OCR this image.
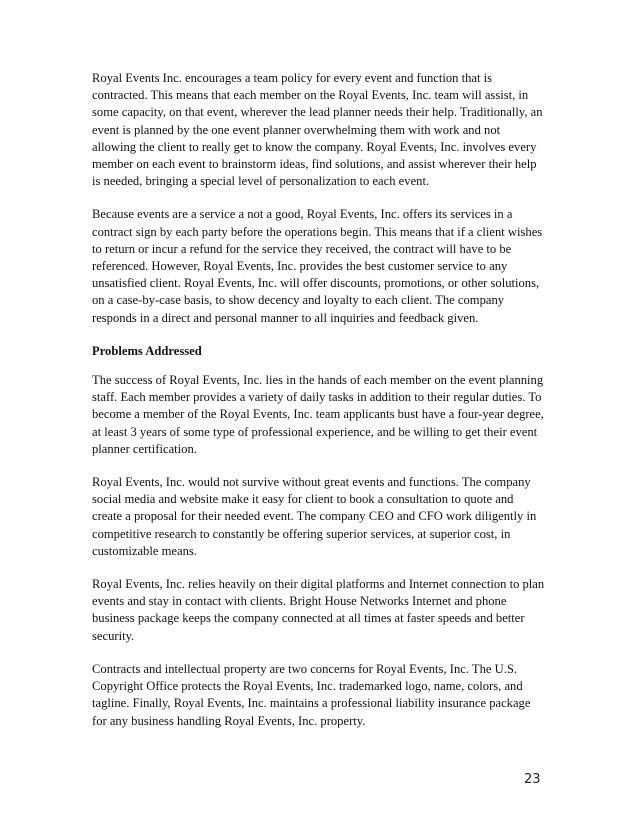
Royal Events Inc. encourages a team policy for every event and function that is
contracted. This means that each member on the Royal Events, Inc. team will assist, in
some capacity, on that event, wherever the lead planner needs their help. Traditionally, an
event is planned by the one event planner overwhelming them with work and not
allowing the client to really get to know the company. Royal Events, Inc. involves every
member on each event to brainstorm ideas, find solutions, and assist wherever their help
is needed, bringing a special level of personalization to each event.

Because events are a service a not a good, Royal Events, Inc. offers its services in a
contract sign by each party before the operations begin. This means that if a client wishes
to return or incur a refund for the service they received, the contract will have to be
referenced. However, Royal Events, Inc. provides the best customer service to any
unsatisfied client. Royal Events, Inc. will offer discounts, promotions, or other solutions,
on a case-by-case basis, to show decency and loyalty to each client. The company
responds in a direct and personal manner to all inquiries and feedback given.

Problems Addressed

The success of Royal Events, Inc. lies in the hands of each member on the event planning
staff. Each member provides a variety of daily tasks in addition to their regular duties. To
become a member of the Royal Events, Inc. team applicants bust have a four-year degree,
at least 3 years of some type of professional experience, and be willing to get their event
planner certification.

Royal Events, Inc. would not survive without great events and functions. The company
social media and website make it easy for client to book a consultation to quote and
create a proposal for their needed event. The company CEO and CFO work diligently in
competitive research to constantly be offering superior services, at superior cost, in
customizable means.

Royal Events, Inc. relies heavily on their digital platforms and Internet connection to plan
events and stay in contact with clients. Bright House Networks Internet and phone
business package keeps the company connected at all times at faster speeds and better
security.

Contracts and intellectual property are two concerns for Royal Events, Inc. The U.S.
Copyright Office protects the Royal Events, Inc. trademarked logo, name, colors, and
tagline. Finally, Royal Events, Inc. maintains a professional liability insurance package
for any business handling Royal Events, Inc. property.

23
